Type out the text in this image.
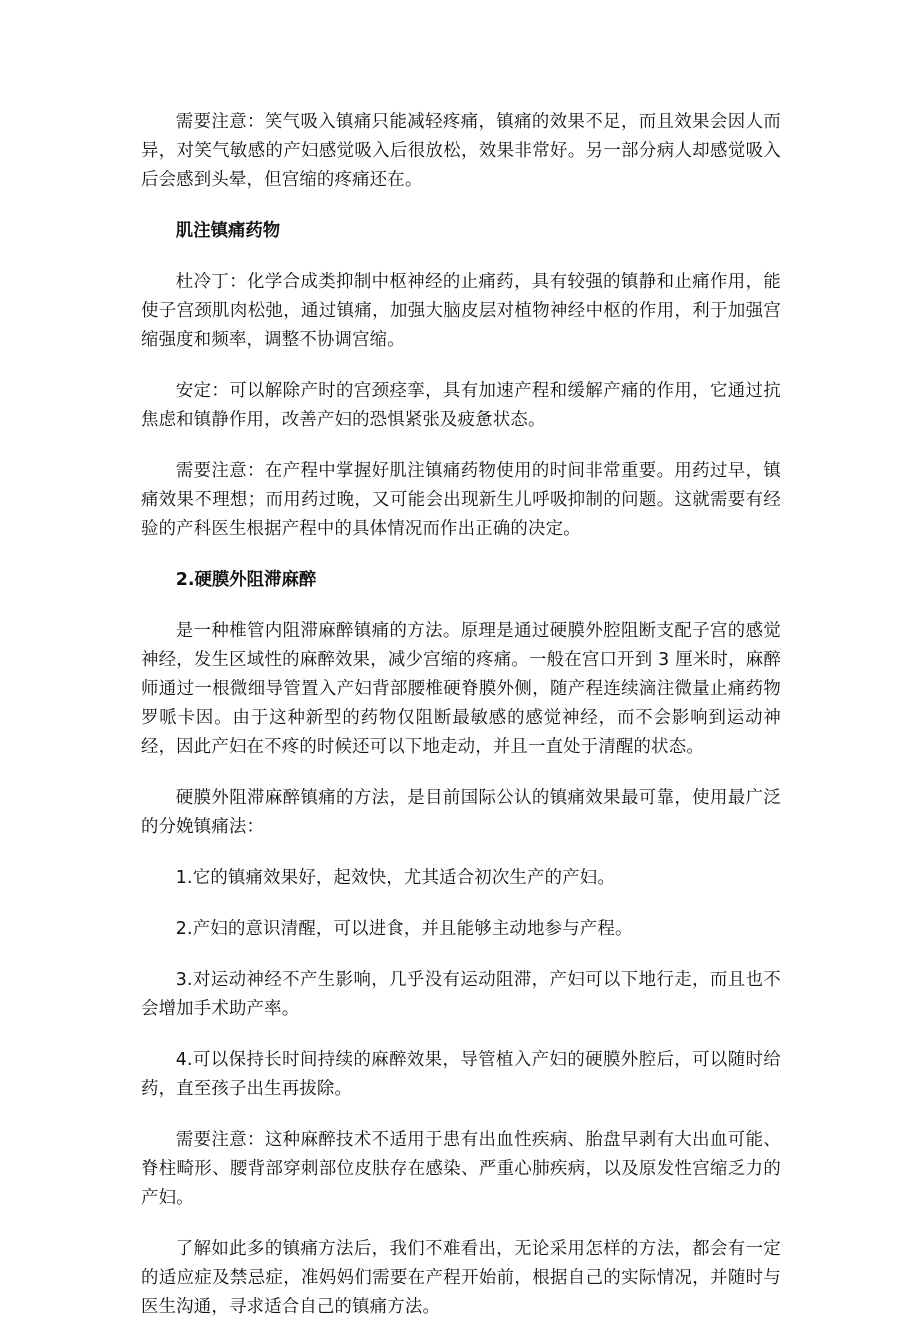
需要注意：笑气吸入镇痛只能减轻疼痛，镇痛的效果不足，而且效果会因人而异，对笑气敏感的产妇感觉吸入后很放松，效果非常好。另一部分病人却感觉吸入后会感到头晕，但宫缩的疼痛还在。

肌注镇痛药物

杜冷丁：化学合成类抑制中枢神经的止痛药，具有较强的镇静和止痛作用，能使子宫颈肌肉松弛，通过镇痛，加强大脑皮层对植物神经中枢的作用，利于加强宫缩强度和频率，调整不协调宫缩。

安定：可以解除产时的宫颈痉挛，具有加速产程和缓解产痛的作用，它通过抗焦虑和镇静作用，改善产妇的恐惧紧张及疲惫状态。

需要注意：在产程中掌握好肌注镇痛药物使用的时间非常重要。用药过早，镇痛效果不理想；而用药过晚，又可能会出现新生儿呼吸抑制的问题。这就需要有经验的产科医生根据产程中的具体情况而作出正确的决定。

2.硬膜外阻滞麻醉

是一种椎管内阻滞麻醉镇痛的方法。原理是通过硬膜外腔阻断支配子宫的感觉神经，发生区域性的麻醉效果，减少宫缩的疼痛。一般在宫口开到 3 厘米时，麻醉师通过一根微细导管置入产妇背部腰椎硬脊膜外侧，随产程连续滴注微量止痛药物罗哌卡因。由于这种新型的药物仅阻断最敏感的感觉神经，而不会影响到运动神经，因此产妇在不疼的时候还可以下地走动，并且一直处于清醒的状态。

硬膜外阻滞麻醉镇痛的方法，是目前国际公认的镇痛效果最可靠，使用最广泛的分娩镇痛法：

1.它的镇痛效果好，起效快，尤其适合初次生产的产妇。

2.产妇的意识清醒，可以进食，并且能够主动地参与产程。

3.对运动神经不产生影响，几乎没有运动阻滞，产妇可以下地行走，而且也不会增加手术助产率。

4.可以保持长时间持续的麻醉效果，导管植入产妇的硬膜外腔后，可以随时给药，直至孩子出生再拔除。

需要注意：这种麻醉技术不适用于患有出血性疾病、胎盘早剥有大出血可能、脊柱畸形、腰背部穿刺部位皮肤存在感染、严重心肺疾病，以及原发性宫缩乏力的产妇。

了解如此多的镇痛方法后，我们不难看出，无论采用怎样的方法，都会有一定的适应症及禁忌症，准妈妈们需要在产程开始前，根据自己的实际情况，并随时与医生沟通，寻求适合自己的镇痛方法。
